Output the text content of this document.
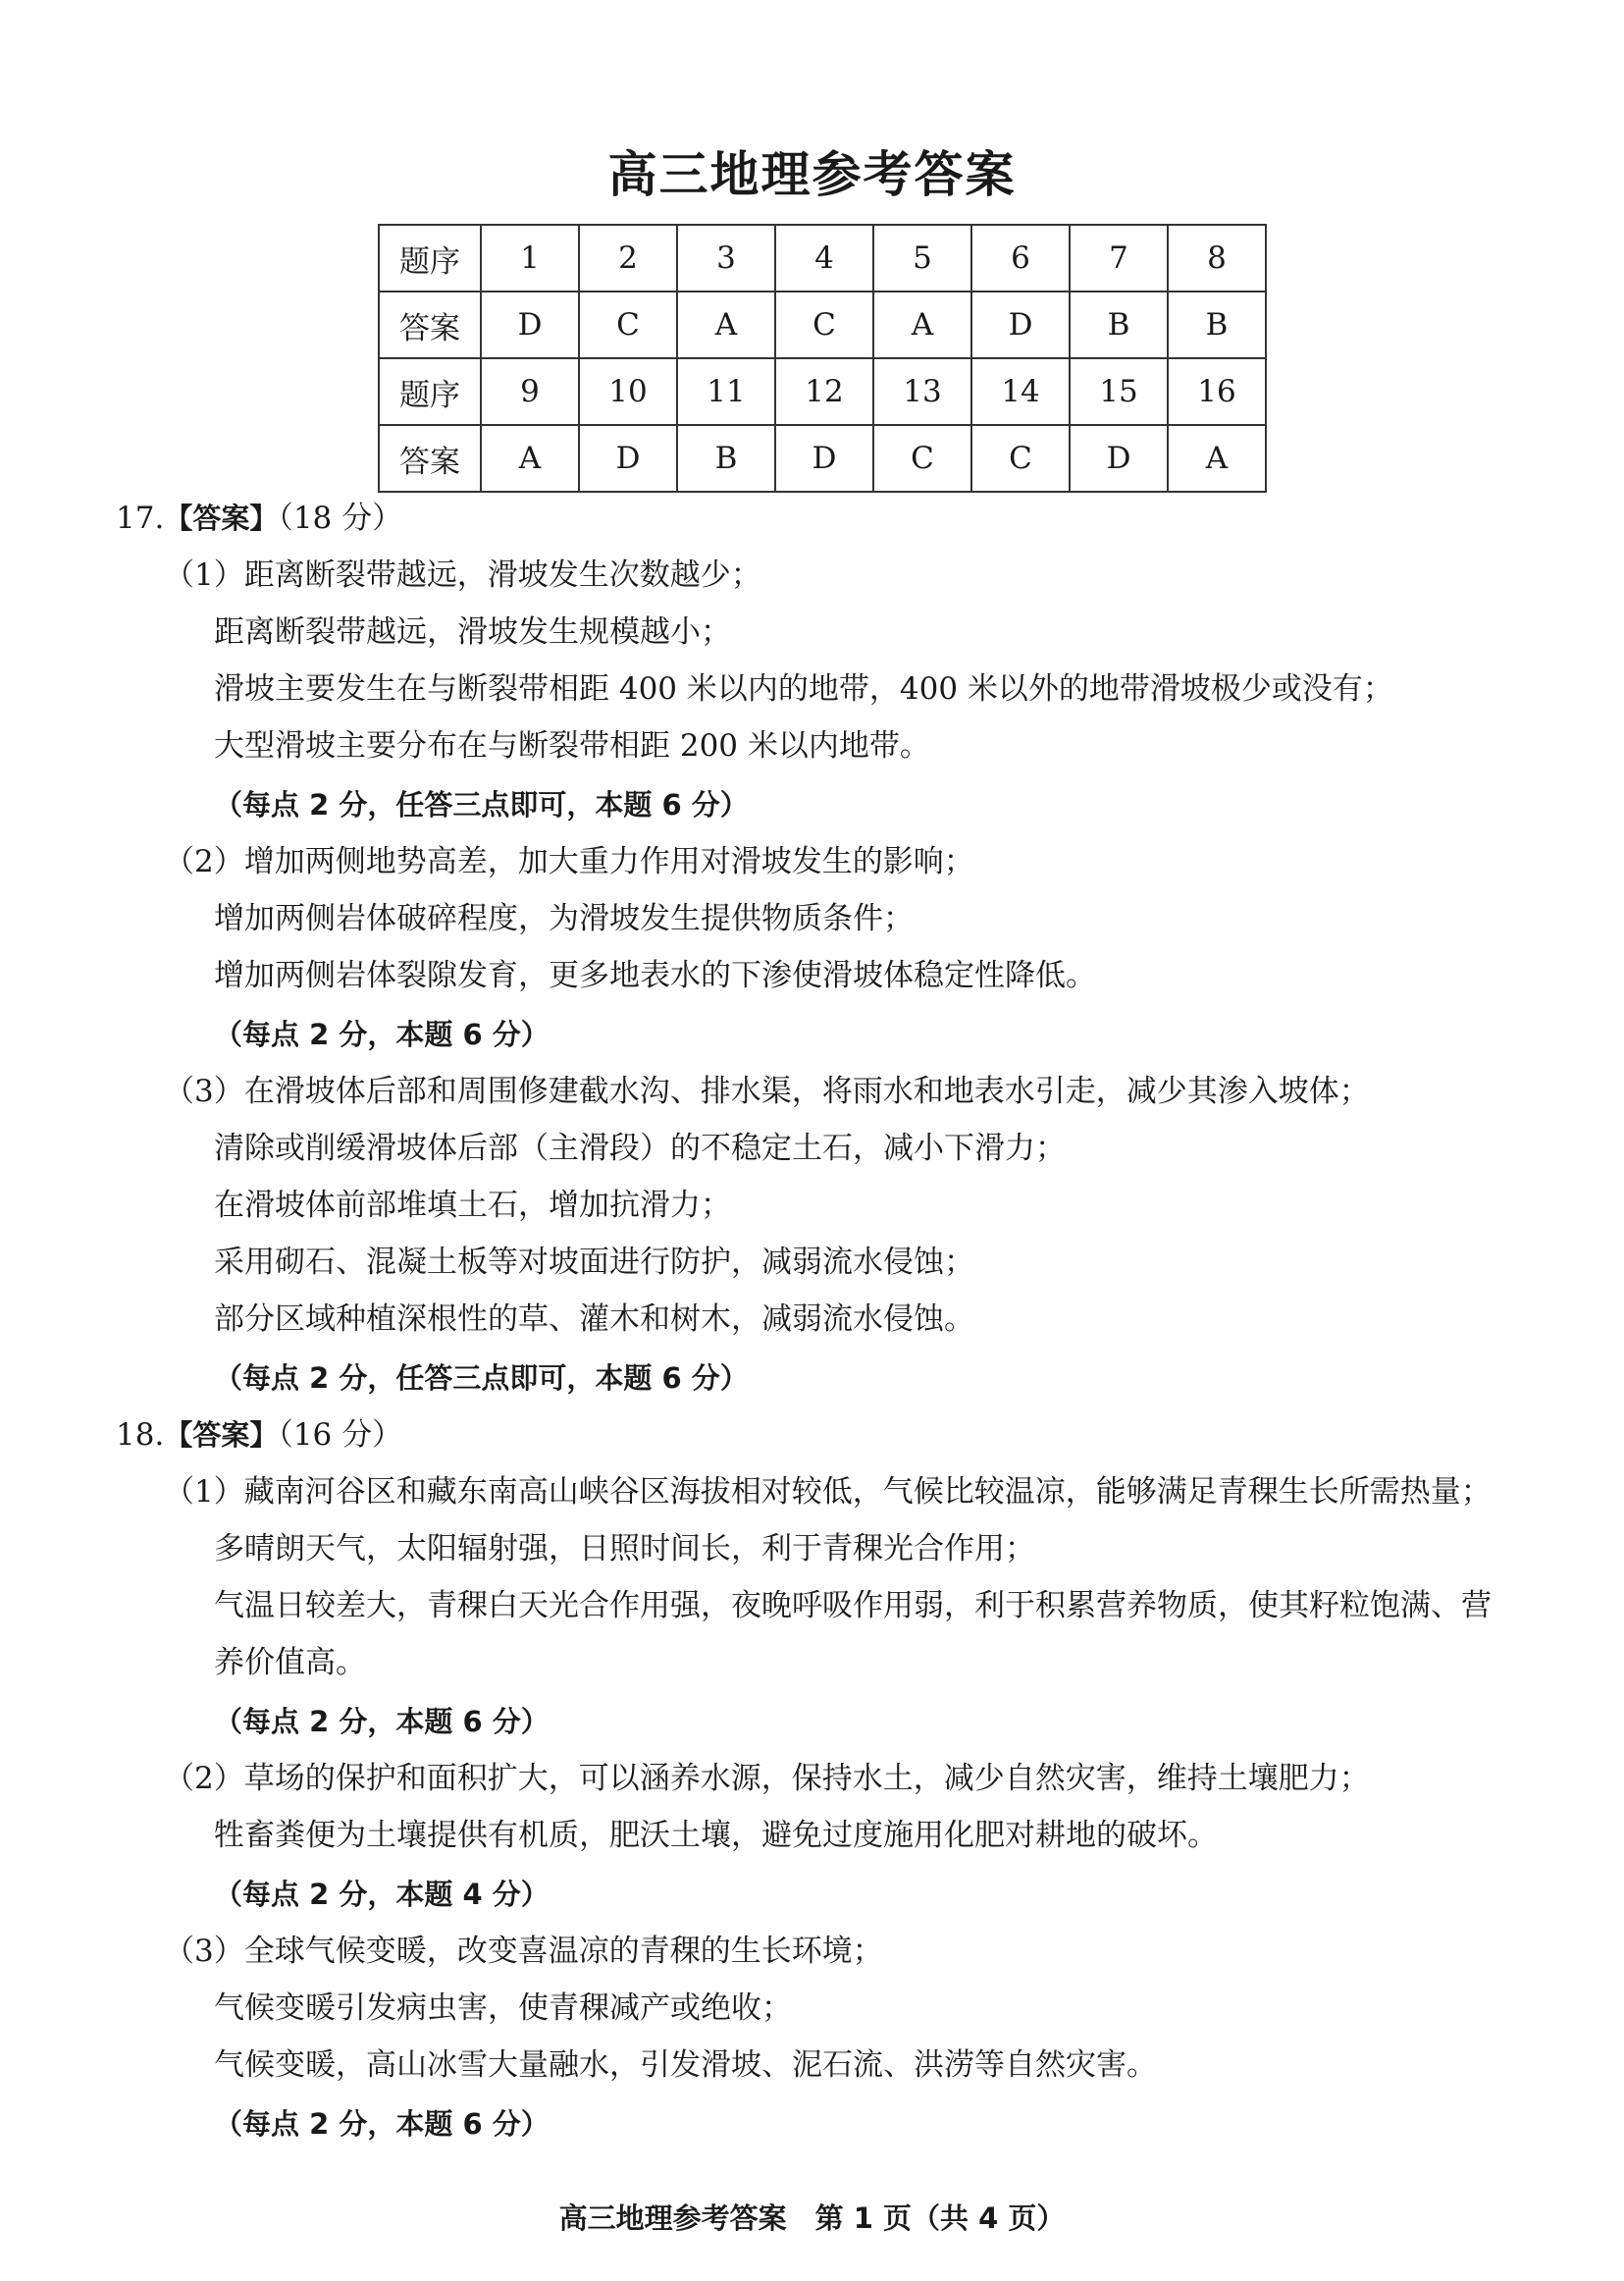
高三地理参考答案
题序	1	2	3	4	5	6	7	8
答案	D	C	A	C	A	D	B	B
题序	9	10	11	12	13	14	15	16
答案	A	D	B	D	C	C	D	A
17.【答案】（18 分）
（1）距离断裂带越远，滑坡发生次数越少；
距离断裂带越远，滑坡发生规模越小；
滑坡主要发生在与断裂带相距 400 米以内的地带，400 米以外的地带滑坡极少或没有；
大型滑坡主要分布在与断裂带相距 200 米以内地带。
（每点 2 分，任答三点即可，本题 6 分）
（2）增加两侧地势高差，加大重力作用对滑坡发生的影响；
增加两侧岩体破碎程度，为滑坡发生提供物质条件；
增加两侧岩体裂隙发育，更多地表水的下渗使滑坡体稳定性降低。
（每点 2 分，本题 6 分）
（3）在滑坡体后部和周围修建截水沟、排水渠，将雨水和地表水引走，减少其渗入坡体；
清除或削缓滑坡体后部（主滑段）的不稳定土石，减小下滑力；
在滑坡体前部堆填土石，增加抗滑力；
采用砌石、混凝土板等对坡面进行防护，减弱流水侵蚀；
部分区域种植深根性的草、灌木和树木，减弱流水侵蚀。
（每点 2 分，任答三点即可，本题 6 分）
18.【答案】（16 分）
（1）藏南河谷区和藏东南高山峡谷区海拔相对较低，气候比较温凉，能够满足青稞生长所需热量；
多晴朗天气，太阳辐射强，日照时间长，利于青稞光合作用；
气温日较差大，青稞白天光合作用强，夜晚呼吸作用弱，利于积累营养物质，使其籽粒饱满、营
养价值高。
（每点 2 分，本题 6 分）
（2）草场的保护和面积扩大，可以涵养水源，保持水土，减少自然灾害，维持土壤肥力；
牲畜粪便为土壤提供有机质，肥沃土壤，避免过度施用化肥对耕地的破坏。
（每点 2 分，本题 4 分）
（3）全球气候变暖，改变喜温凉的青稞的生长环境；
气候变暖引发病虫害，使青稞减产或绝收；
气候变暖，高山冰雪大量融水，引发滑坡、泥石流、洪涝等自然灾害。
（每点 2 分，本题 6 分）
高三地理参考答案　第 1 页（共 4 页）
